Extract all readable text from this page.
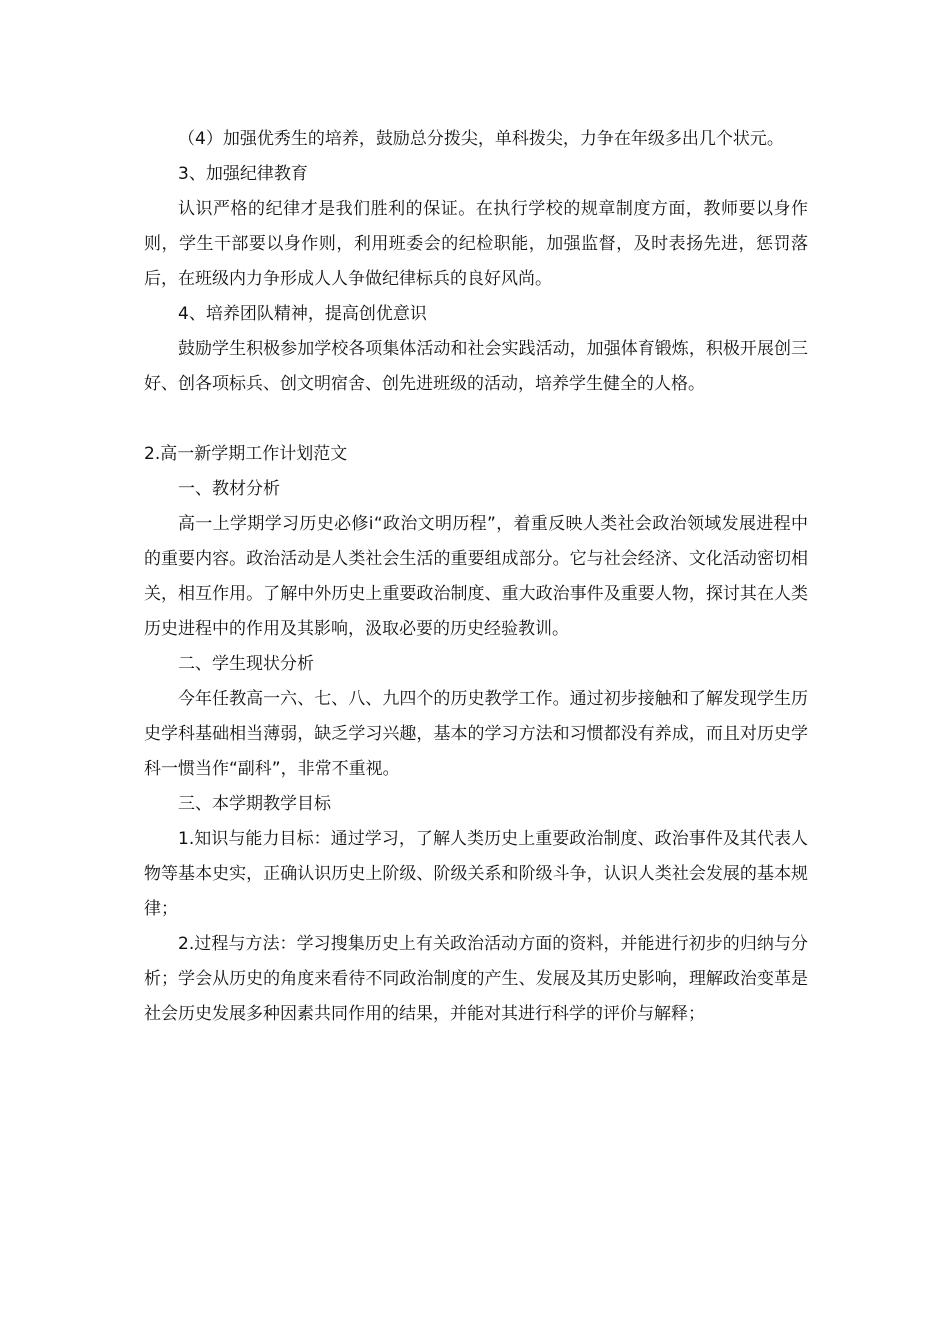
（4）加强优秀生的培养，鼓励总分拨尖，单科拨尖，力争在年级多出几个状元。

3、加强纪律教育

认识严格的纪律才是我们胜利的保证。在执行学校的规章制度方面，教师要以身作则，学生干部要以身作则，利用班委会的纪检职能，加强监督，及时表扬先进，惩罚落后，在班级内力争形成人人争做纪律标兵的良好风尚。

4、培养团队精神，提高创优意识

鼓励学生积极参加学校各项集体活动和社会实践活动，加强体育锻炼，积极开展创三好、创各项标兵、创文明宿舍、创先进班级的活动，培养学生健全的人格。

2.高一新学期工作计划范文

一、教材分析

高一上学期学习历史必修ⅰ“政治文明历程”，着重反映人类社会政治领域发展进程中的重要内容。政治活动是人类社会生活的重要组成部分。它与社会经济、文化活动密切相关，相互作用。了解中外历史上重要政治制度、重大政治事件及重要人物，探讨其在人类历史进程中的作用及其影响，汲取必要的历史经验教训。

二、学生现状分析

今年任教高一六、七、八、九四个的历史教学工作。通过初步接触和了解发现学生历史学科基础相当薄弱，缺乏学习兴趣，基本的学习方法和习惯都没有养成，而且对历史学科一惯当作“副科”，非常不重视。

三、本学期教学目标

1.知识与能力目标：通过学习，了解人类历史上重要政治制度、政治事件及其代表人物等基本史实，正确认识历史上阶级、阶级关系和阶级斗争，认识人类社会发展的基本规律；

2.过程与方法：学习搜集历史上有关政治活动方面的资料，并能进行初步的归纳与分析；学会从历史的角度来看待不同政治制度的产生、发展及其历史影响，理解政治变革是社会历史发展多种因素共同作用的结果，并能对其进行科学的评价与解释；
